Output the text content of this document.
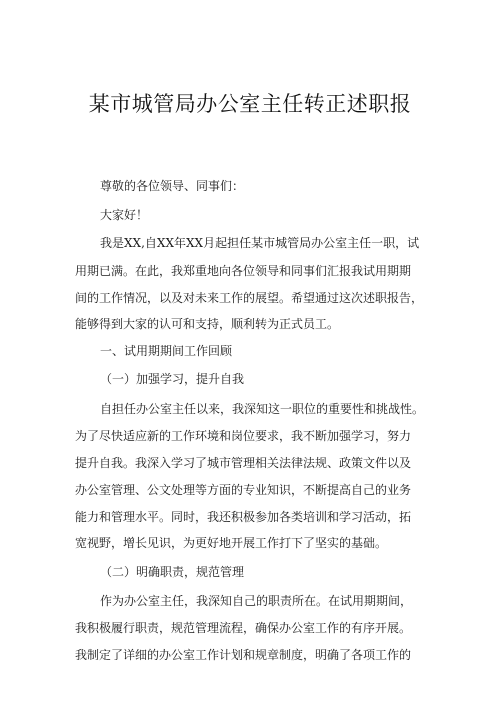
某市城管局办公室主任转正述职报
尊敬的各位领导、同事们：
大家好！
我是XX,自XX年XX月起担任某市城管局办公室主任一职，试
用期已满。在此，我郑重地向各位领导和同事们汇报我试用期期
间的工作情况，以及对未来工作的展望。希望通过这次述职报告，
能够得到大家的认可和支持，顺利转为正式员工。
一、试用期期间工作回顾
（一）加强学习，提升自我
自担任办公室主任以来，我深知这一职位的重要性和挑战性。
为了尽快适应新的工作环境和岗位要求，我不断加强学习，努力
提升自我。我深入学习了城市管理相关法律法规、政策文件以及
办公室管理、公文处理等方面的专业知识，不断提高自己的业务
能力和管理水平。同时，我还积极参加各类培训和学习活动，拓
宽视野，增长见识，为更好地开展工作打下了坚实的基础。
（二）明确职责，规范管理
作为办公室主任，我深知自己的职责所在。在试用期期间，
我积极履行职责，规范管理流程，确保办公室工作的有序开展。
我制定了详细的办公室工作计划和规章制度，明确了各项工作的
